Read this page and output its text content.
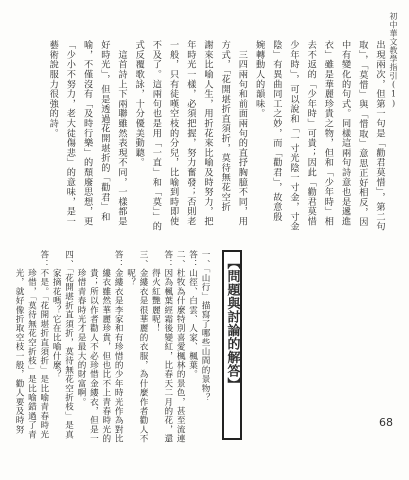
初中華文教學指引(1)
68
出現兩次，但第一句是「勸君莫惜」，第二句
取」，「莫惜」與「惜取」意思正好相反，因
中有變化的句式。同樣這兩句詩意也是遞進
衣」雖是華麗珍貴之物，但和「少年時」相
去不返的「少年時」可貴；因此「勸君莫惜
少年時」，可以說和「一寸光陰一寸金，寸金
陰」有異曲同工之妙，而「勸君」，故意殷
婉轉動人的韻味。
　三四兩句和前面兩句的直抒胸臆不同，用
方式，「花開堪折直須折，莫待無花空折
謝來比喻人生，用折花來比喻及時努力，把
年時光一樣，必須把握，努力奮發；否則老
一般，只有徒嘆空枝的分兒，比喻到時即使
不及了。這兩句也是用「一直」和「莫」」的
式反覆歌詠，十分優美動聽。
　這首詩上下兩聯雖然表現不同，一樣都是
好時光」，但是透過花開堪折的「勸君」和
喻，不僅沒有「及時行樂」的頹廢思想，更
「少小不努力，老大徒傷悲」的意味，是一
藝術說服力很強的詩。
【問題與討論的解答】
一、「山行」描寫了哪些山間的景物？
答：山徑、白雲、人家、楓葉。
二、杜牧為什麼特別喜愛楓林的景色，甚至流連
答：因為楓葉經霜後變紅，比春天二月的花，還
　　得火紅艷麗呢！
三、金縷衣是很華麗的衣服，為什麼作者勸人不
　　呢？
答：金縷衣是李家和有珍惜的少年時光作為對比
　　縷衣雖然華麗珍貴，但也比不上青春時光的
　　貴；所以作者勸人不必珍惜金縷衣，但是一
　　珍惜青春時光才是最大的財富啊。
四、「花開堪折直須折，莫待無花空折枝」是真
　　家摘花嗎？它在比喻什麼？
答：不是。「花開堪折直須折」是比喻青春時光
　　珍惜，「莫待無花空折枝」是比喻錯過了青
　　光，就好像折取空枝一般，勸人要及時努
